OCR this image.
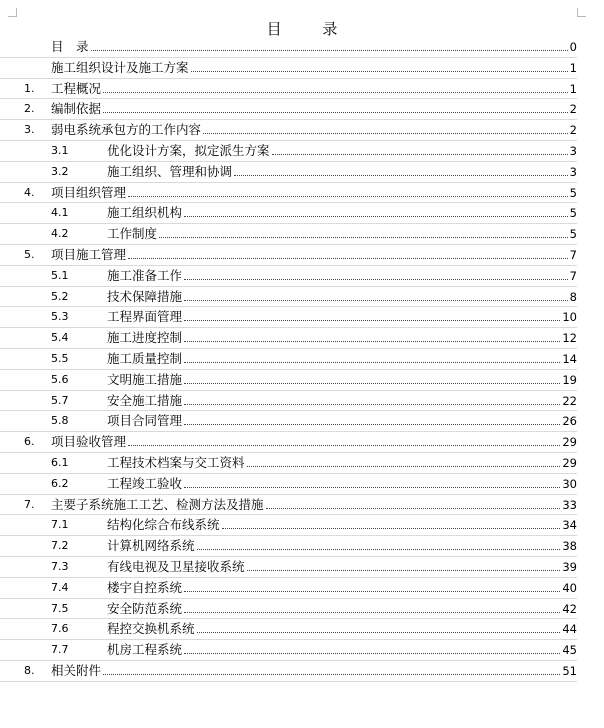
目 录
目　录	0
施工组织设计及施工方案	1
1. 工程概况	1
2. 编制依据	2
3. 弱电系统承包方的工作内容	2
3.1	优化设计方案，拟定派生方案	3
3.2	施工组织、管理和协调	3
4. 项目组织管理	5
4.1	施工组织机构	5
4.2	工作制度	5
5. 项目施工管理	7
5.1	施工准备工作	7
5.2	技术保障措施	8
5.3	工程界面管理	10
5.4	施工进度控制	12
5.5	施工质量控制	14
5.6	文明施工措施	19
5.7	安全施工措施	22
5.8	项目合同管理	26
6. 项目验收管理	29
6.1	工程技术档案与交工资料	29
6.2	工程竣工验收	30
7. 主要子系统施工工艺、检测方法及措施	33
7.1	结构化综合布线系统	34
7.2	计算机网络系统	38
7.3	有线电视及卫星接收系统	39
7.4	楼宇自控系统	40
7.5	安全防范系统	42
7.6	程控交换机系统	44
7.7	机房工程系统	45
8. 相关附件	51
